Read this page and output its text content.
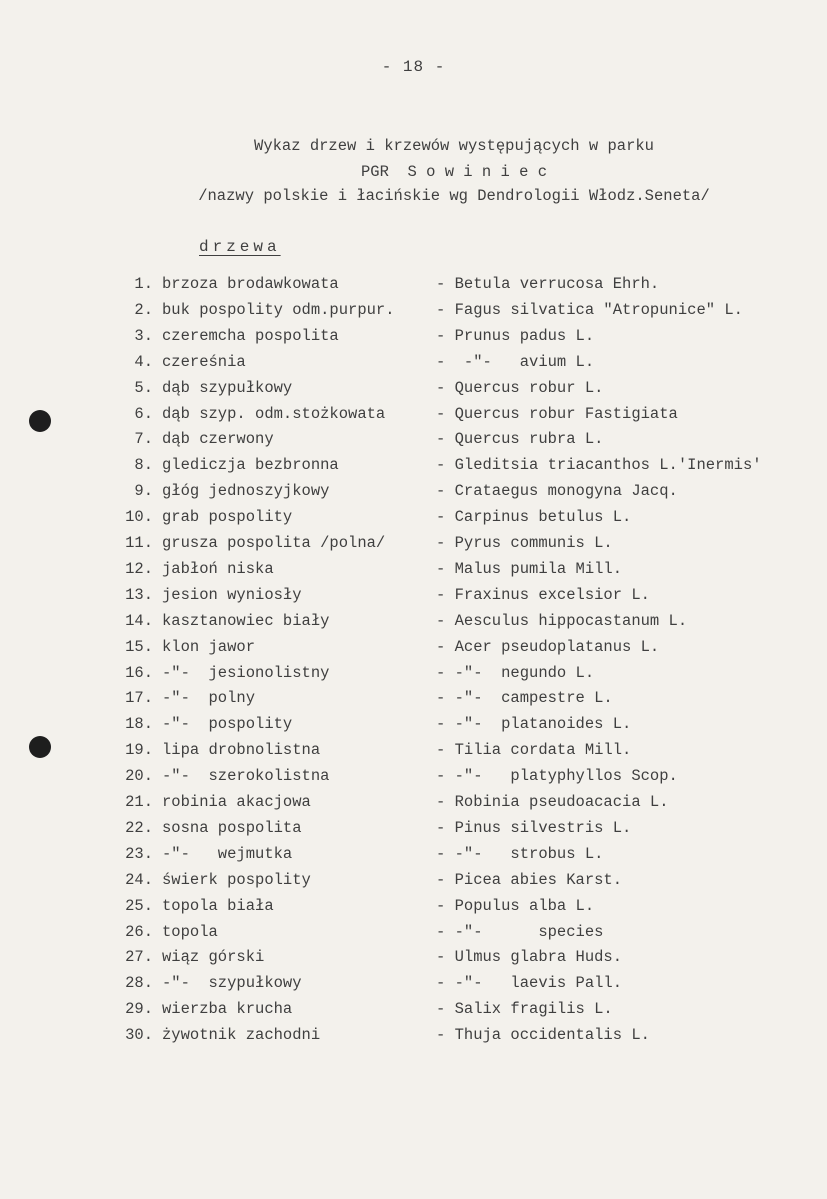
- 18 -
Wykaz drzew i krzewów występujących w parku
PGR  S o w i n i e c
/nazwy polskie i łacińskie wg Dendrologii Włodz.Seneta/
drzewa
1. brzoza brodawkowata	- Betula verrucosa Ehrh.
2. buk pospolity odm.purpur.	- Fagus silvatica "Atropunice" L.
3. czeremcha pospolita	- Prunus padus L.
4. czereśnia	-  -"-   avium L.
5. dąb szypułkowy	- Quercus robur L.
6. dąb szyp. odm.stożkowata	- Quercus robur Fastigiata
7. dąb czerwony	- Quercus rubra L.
8. glediczja bezbronna	- Gleditsia triacanthos L.'Inermis'
9. głóg jednoszyjkowy	- Crataegus monogyna Jacq.
10. grab pospolity	- Carpinus betulus L.
11. grusza pospolita /polna/	- Pyrus communis L.
12. jabłoń niska	- Malus pumila Mill.
13. jesion wyniosły	- Fraxinus excelsior L.
14. kasztanowiec biały	- Aesculus hippocastanum L.
15. klon jawor	- Acer pseudoplatanus L.
16. -"-  jesionolistny	- -"-  negundo L.
17. -"-  polny	- -"-  campestre L.
18. -"-  pospolity	- -"-  platanoides L.
19. lipa drobnolistna	- Tilia cordata Mill.
20. -"-  szerokolistna	- -"-   platyphyllos Scop.
21. robinia akacjowa	- Robinia pseudoacacia L.
22. sosna pospolita	- Pinus silvestris L.
23. -"-   wejmutka	- -"-   strobus L.
24. świerk pospolity	- Picea abies Karst.
25. topola biała	- Populus alba L.
26. topola	- -"-      species
27. wiąz górski	- Ulmus glabra Huds.
28. -"-  szypułkowy	- -"-   laevis Pall.
29. wierzba krucha	- Salix fragilis L.
30. żywotnik zachodni	- Thuja occidentalis L.
